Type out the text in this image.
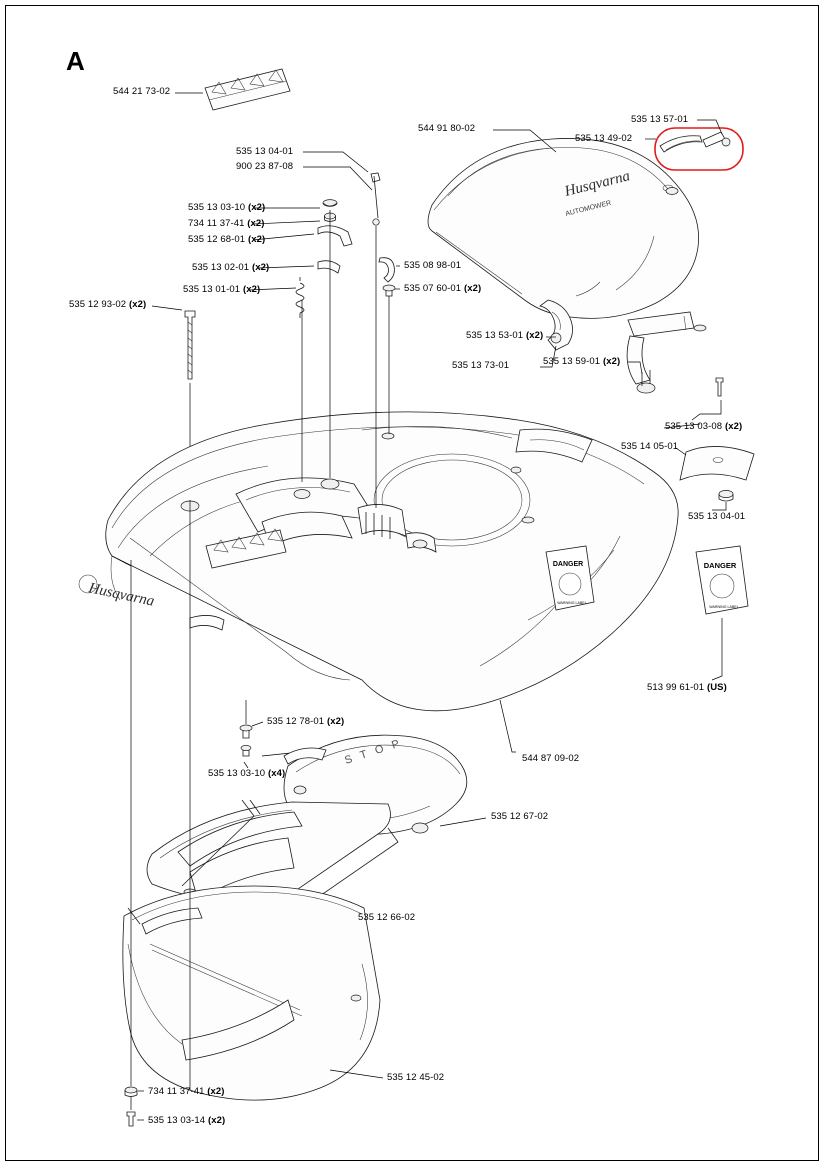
A
Husqvarna
AUTOMOWER
Husqvarna
DANGER
WARNING LABEL
DANGER
WARNING LABEL
S T O P
544 21 73-02
535 13 04-01
900 23 87-08
535 13 03-10 (x2)
734 11 37-41 (x2)
535 12 68-01 (x2)
535 13 02-01 (x2)
535 13 01-01 (x2)
535 12 93-02 (x2)
544 91 80-02
535 13 57-01
535 13 49-02
535 08 98-01
535 07 60-01 (x2)
535 13 53-01 (x2)
535 13 73-01	535 13 59-01 (x2)
535 13 03-08 (x2)
535 14 05-01
535 13 04-01
513 99 61-01 (US)
544 87 09-02
535 12 78-01 (x2)
535 13 03-10 (x4)
535 12 67-02
535 12 66-02
535 12 45-02
734 11 37-41 (x2)
535 13 03-14 (x2)
